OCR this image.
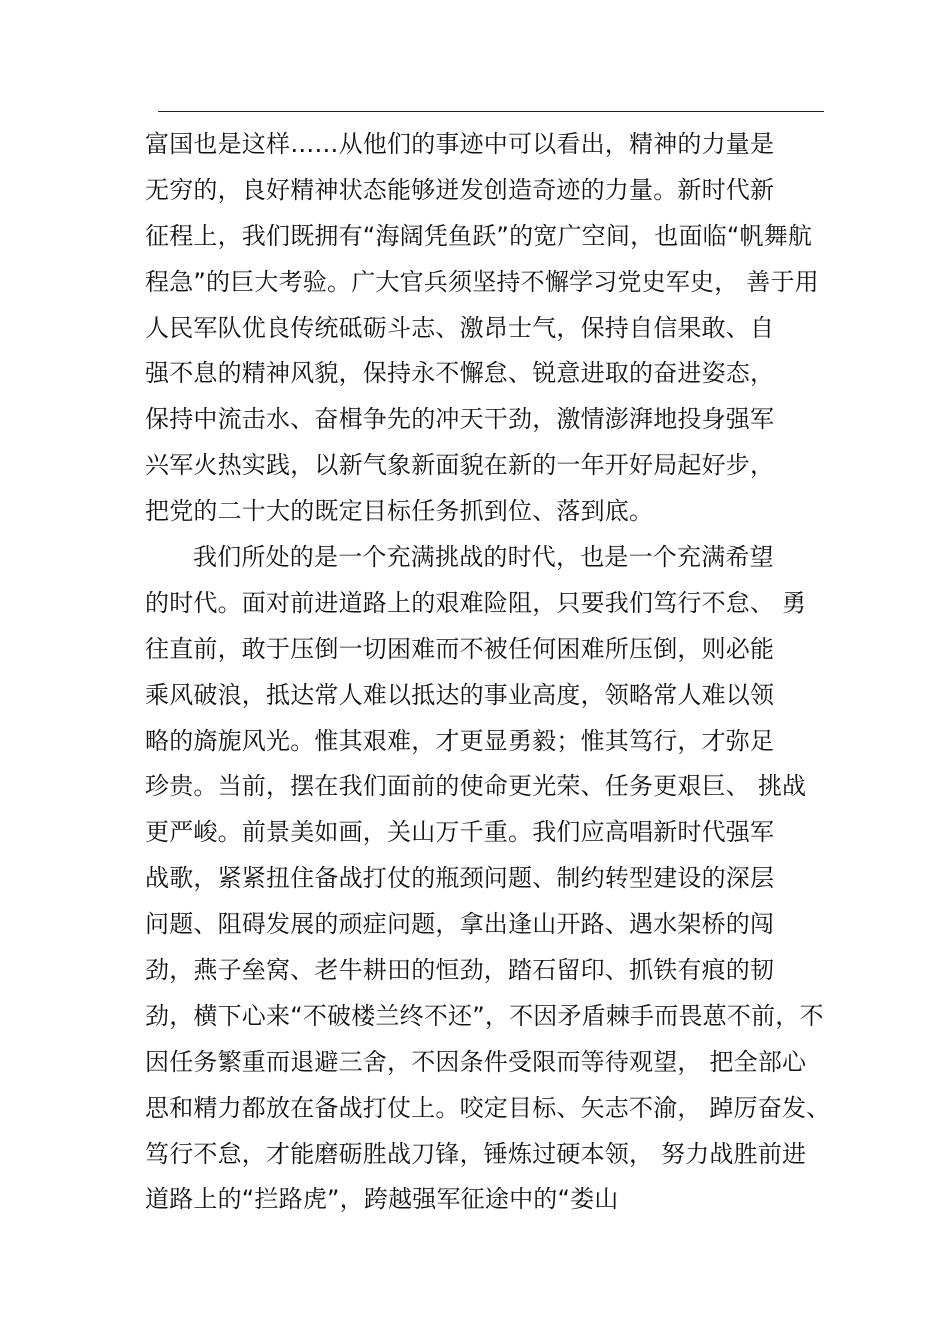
富国也是这样……从他们的事迹中可以看出，精神的力量是
无穷的，良好精神状态能够迸发创造奇迹的力量。新时代新
征程上，我们既拥有“海阔凭鱼跃”的宽广空间，也面临“帆舞航
程急”的巨大考验。广大官兵须坚持不懈学习党史军史， 善于用
人民军队优良传统砥砺斗志、激昂士气，保持自信果敢、自
强不息的精神风貌，保持永不懈怠、锐意进取的奋进姿态，
保持中流击水、奋楫争先的冲天干劲，激情澎湃地投身强军
兴军火热实践，以新气象新面貌在新的一年开好局起好步，
把党的二十大的既定目标任务抓到位、落到底。
我们所处的是一个充满挑战的时代，也是一个充满希望
的时代。面对前进道路上的艰难险阻，只要我们笃行不怠、 勇
往直前，敢于压倒一切困难而不被任何困难所压倒，则必能
乘风破浪，抵达常人难以抵达的事业高度，领略常人难以领
略的旖旎风光。惟其艰难，才更显勇毅；惟其笃行，才弥足
珍贵。当前，摆在我们面前的使命更光荣、任务更艰巨、 挑战
更严峻。前景美如画，关山万千重。我们应高唱新时代强军
战歌，紧紧扭住备战打仗的瓶颈问题、制约转型建设的深层
问题、阻碍发展的顽症问题，拿出逢山开路、遇水架桥的闯
劲，燕子垒窝、老牛耕田的恒劲，踏石留印、抓铁有痕的韧
劲，横下心来“不破楼兰终不还”，不因矛盾棘手而畏葸不前，不
因任务繁重而退避三舍，不因条件受限而等待观望， 把全部心
思和精力都放在备战打仗上。咬定目标、矢志不渝， 踔厉奋发、
笃行不怠，才能磨砺胜战刀锋，锤炼过硬本领， 努力战胜前进
道路上的“拦路虎”，跨越强军征途中的“娄山
